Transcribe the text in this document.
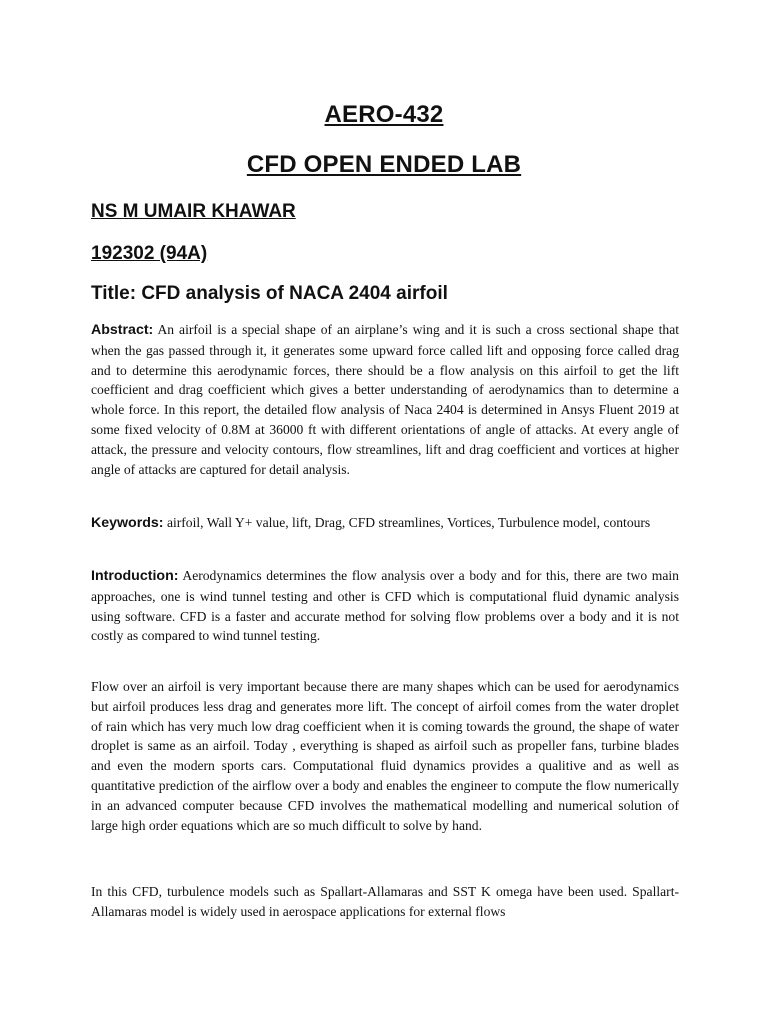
AERO-432
CFD OPEN ENDED LAB
NS M UMAIR KHAWAR
192302 (94A)
Title: CFD analysis of NACA 2404 airfoil

Abstract: An airfoil is a special shape of an airplane’s wing and it is such a cross sectional shape that when the gas passed through it, it generates some upward force called lift and opposing force called drag and to determine this aerodynamic forces, there should be a flow analysis on this airfoil to get the lift coefficient and drag coefficient which gives a better understanding of aerodynamics than to determine a whole force. In this report, the detailed flow analysis of Naca 2404 is determined in Ansys Fluent 2019 at some fixed velocity of 0.8M at 36000 ft with different orientations of angle of attacks. At every angle of attack, the pressure and velocity contours, flow streamlines, lift and drag coefficient and vortices at higher angle of attacks are captured for detail analysis.

Keywords: airfoil, Wall Y+ value, lift, Drag, CFD streamlines, Vortices, Turbulence model, contours

Introduction: Aerodynamics determines the flow analysis over a body and for this, there are two main approaches, one is wind tunnel testing and other is CFD which is computational fluid dynamic analysis using software. CFD is a faster and accurate method for solving flow problems over a body and it is not costly as compared to wind tunnel testing.

Flow over an airfoil is very important because there are many shapes which can be used for aerodynamics but airfoil produces less drag and generates more lift. The concept of airfoil comes from the water droplet of rain which has very much low drag coefficient when it is coming towards the ground, the shape of water droplet is same as an airfoil. Today , everything is shaped as airfoil such as propeller fans, turbine blades and even the modern sports cars. Computational fluid dynamics provides a qualitive and as well as quantitative prediction of the airflow over a body and enables the engineer to compute the flow numerically in an advanced computer because CFD involves the mathematical modelling and numerical solution of large high order equations which are so much difficult to solve by hand.

In this CFD, turbulence models such as Spallart-Allamaras and SST K omega have been used. Spallart-Allamaras model is widely used in aerospace applications for external flows
